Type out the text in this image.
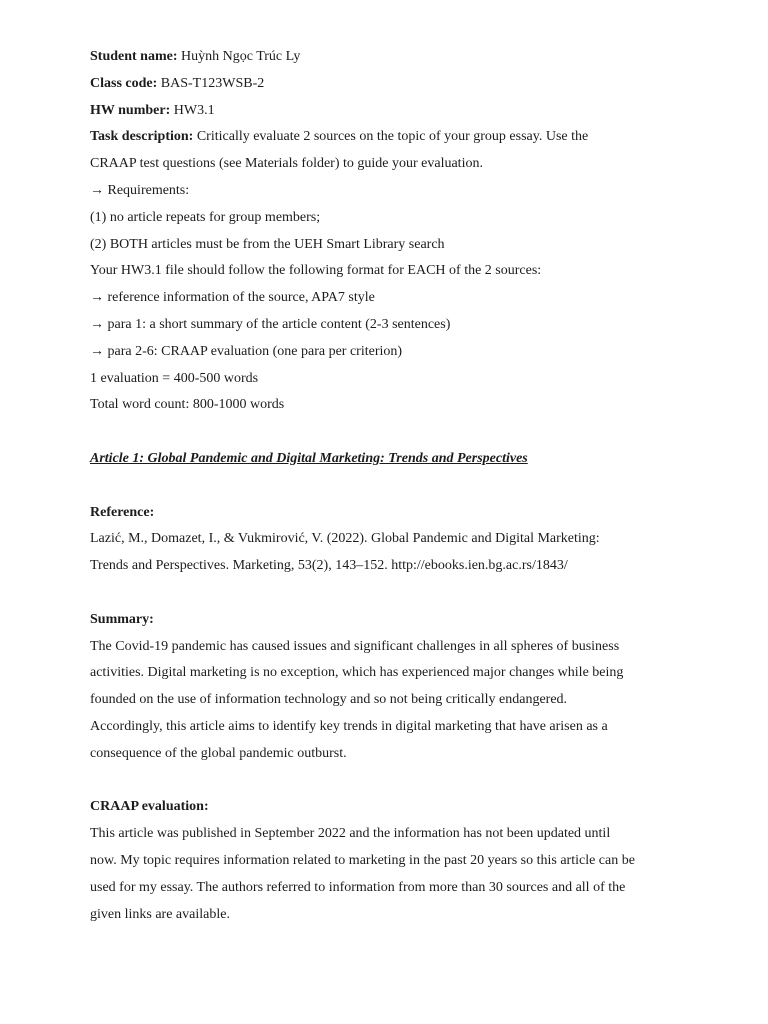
Student name: Huỳnh Ngọc Trúc Ly
Class code: BAS-T123WSB-2
HW number: HW3.1
Task description: Critically evaluate 2 sources on the topic of your group essay. Use the
CRAAP test questions (see Materials folder) to guide your evaluation.
→ Requirements:
(1) no article repeats for group members;
(2) BOTH articles must be from the UEH Smart Library search
Your HW3.1 file should follow the following format for EACH of the 2 sources:
→ reference information of the source, APA7 style
→ para 1: a short summary of the article content (2-3 sentences)
→ para 2-6: CRAAP evaluation (one para per criterion)
1 evaluation = 400-500 words
Total word count: 800-1000 words
Article 1: Global Pandemic and Digital Marketing: Trends and Perspectives
Reference:
Lazić, M., Domazet, I., & Vukmirović, V. (2022). Global Pandemic and Digital Marketing:
Trends and Perspectives. Marketing, 53(2), 143–152. http://ebooks.ien.bg.ac.rs/1843/
Summary:
The Covid-19 pandemic has caused issues and significant challenges in all spheres of business
activities. Digital marketing is no exception, which has experienced major changes while being
founded on the use of information technology and so not being critically endangered.
Accordingly, this article aims to identify key trends in digital marketing that have arisen as a
consequence of the global pandemic outburst.
CRAAP evaluation:
This article was published in September 2022 and the information has not been updated until
now. My topic requires information related to marketing in the past 20 years so this article can be
used for my essay. The authors referred to information from more than 30 sources and all of the
given links are available.
